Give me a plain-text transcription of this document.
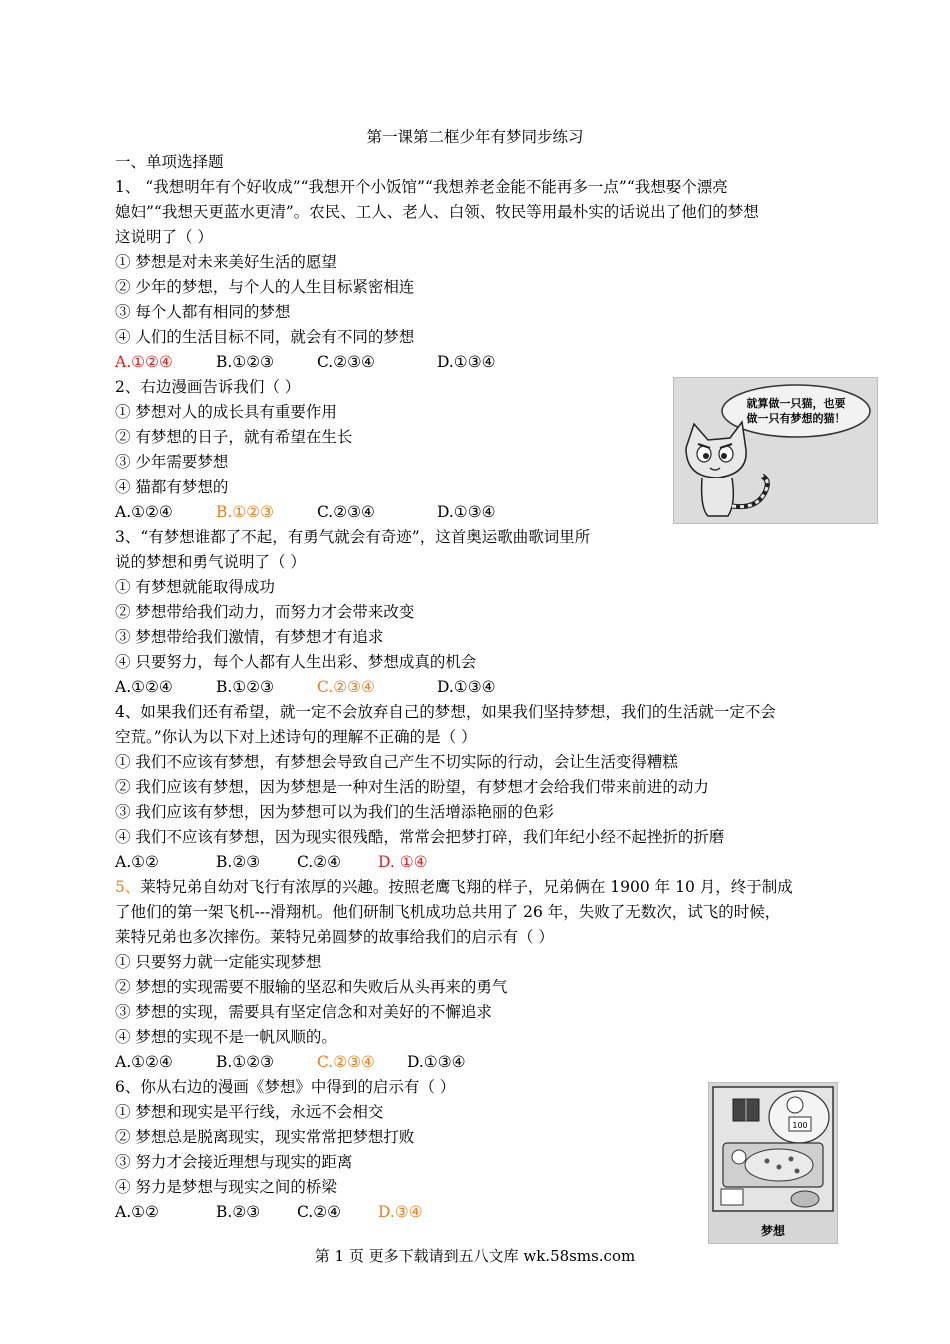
第一课第二框少年有梦同步练习
一、单项选择题
1、 “我想明年有个好收成”“我想开个小饭馆”“我想养老金能不能再多一点”“我想娶个漂亮
媳妇”“我想天更蓝水更清”。农民、工人、老人、白领、牧民等用最朴实的话说出了他们的梦想
这说明了（ ）
① 梦想是对未来美好生活的愿望
② 少年的梦想，与个人的人生目标紧密相连
③ 每个人都有相同的梦想
④ 人们的生活目标不同，就会有不同的梦想
A.①②④	B.①②③	C.②③④	D.①③④
2、右边漫画告诉我们（ ）
① 梦想对人的成长具有重要作用
② 有梦想的日子，就有希望在生长
③ 少年需要梦想
④ 猫都有梦想的
A.①②④	B.①②③	C.②③④	D.①③④
3、“有梦想谁都了不起，有勇气就会有奇迹”，这首奥运歌曲歌词里所
说的梦想和勇气说明了（ ）
① 有梦想就能取得成功
② 梦想带给我们动力，而努力才会带来改变
③ 梦想带给我们激情，有梦想才有追求
④ 只要努力，每个人都有人生出彩、梦想成真的机会
A.①②④	B.①②③	C.②③④	D.①③④
4、如果我们还有希望，就一定不会放弃自己的梦想，如果我们坚持梦想，我们的生活就一定不会
空荒。”你认为以下对上述诗句的理解不正确的是（ ）
① 我们不应该有梦想，有梦想会导致自己产生不切实际的行动，会让生活变得糟糕
② 我们应该有梦想，因为梦想是一种对生活的盼望，有梦想才会给我们带来前进的动力
③ 我们应该有梦想，因为梦想可以为我们的生活增添艳丽的色彩
④ 我们不应该有梦想，因为现实很残酷，常常会把梦打碎，我们年纪小经不起挫折的折磨
A.①②	B.②③	C.②④	D. ①④
5、莱特兄弟自幼对飞行有浓厚的兴趣。按照老鹰飞翔的样子，兄弟俩在 1900 年 10 月，终于制成
了他们的第一架飞机---滑翔机。他们研制飞机成功总共用了 26 年，失败了无数次，试飞的时候，
莱特兄弟也多次摔伤。莱特兄弟圆梦的故事给我们的启示有（ ）
① 只要努力就一定能实现梦想
② 梦想的实现需要不服输的坚忍和失败后从头再来的勇气
③ 梦想的实现，需要具有坚定信念和对美好的不懈追求
④ 梦想的实现不是一帆风顺的。
A.①②④	B.①②③	C.②③④	D.①③④
6、你从右边的漫画《梦想》中得到的启示有（ ）
① 梦想和现实是平行线，永远不会相交
② 梦想总是脱离现实，现实常常把梦想打败
③ 努力才会接近理想与现实的距离
④ 努力是梦想与现实之间的桥梁
A.①②	B.②③	C.②④	D.③④
就算做一只猫，也要
做一只有梦想的猫！
100
梦想
第 1 页 更多下载请到五八文库 wk.58sms.com
